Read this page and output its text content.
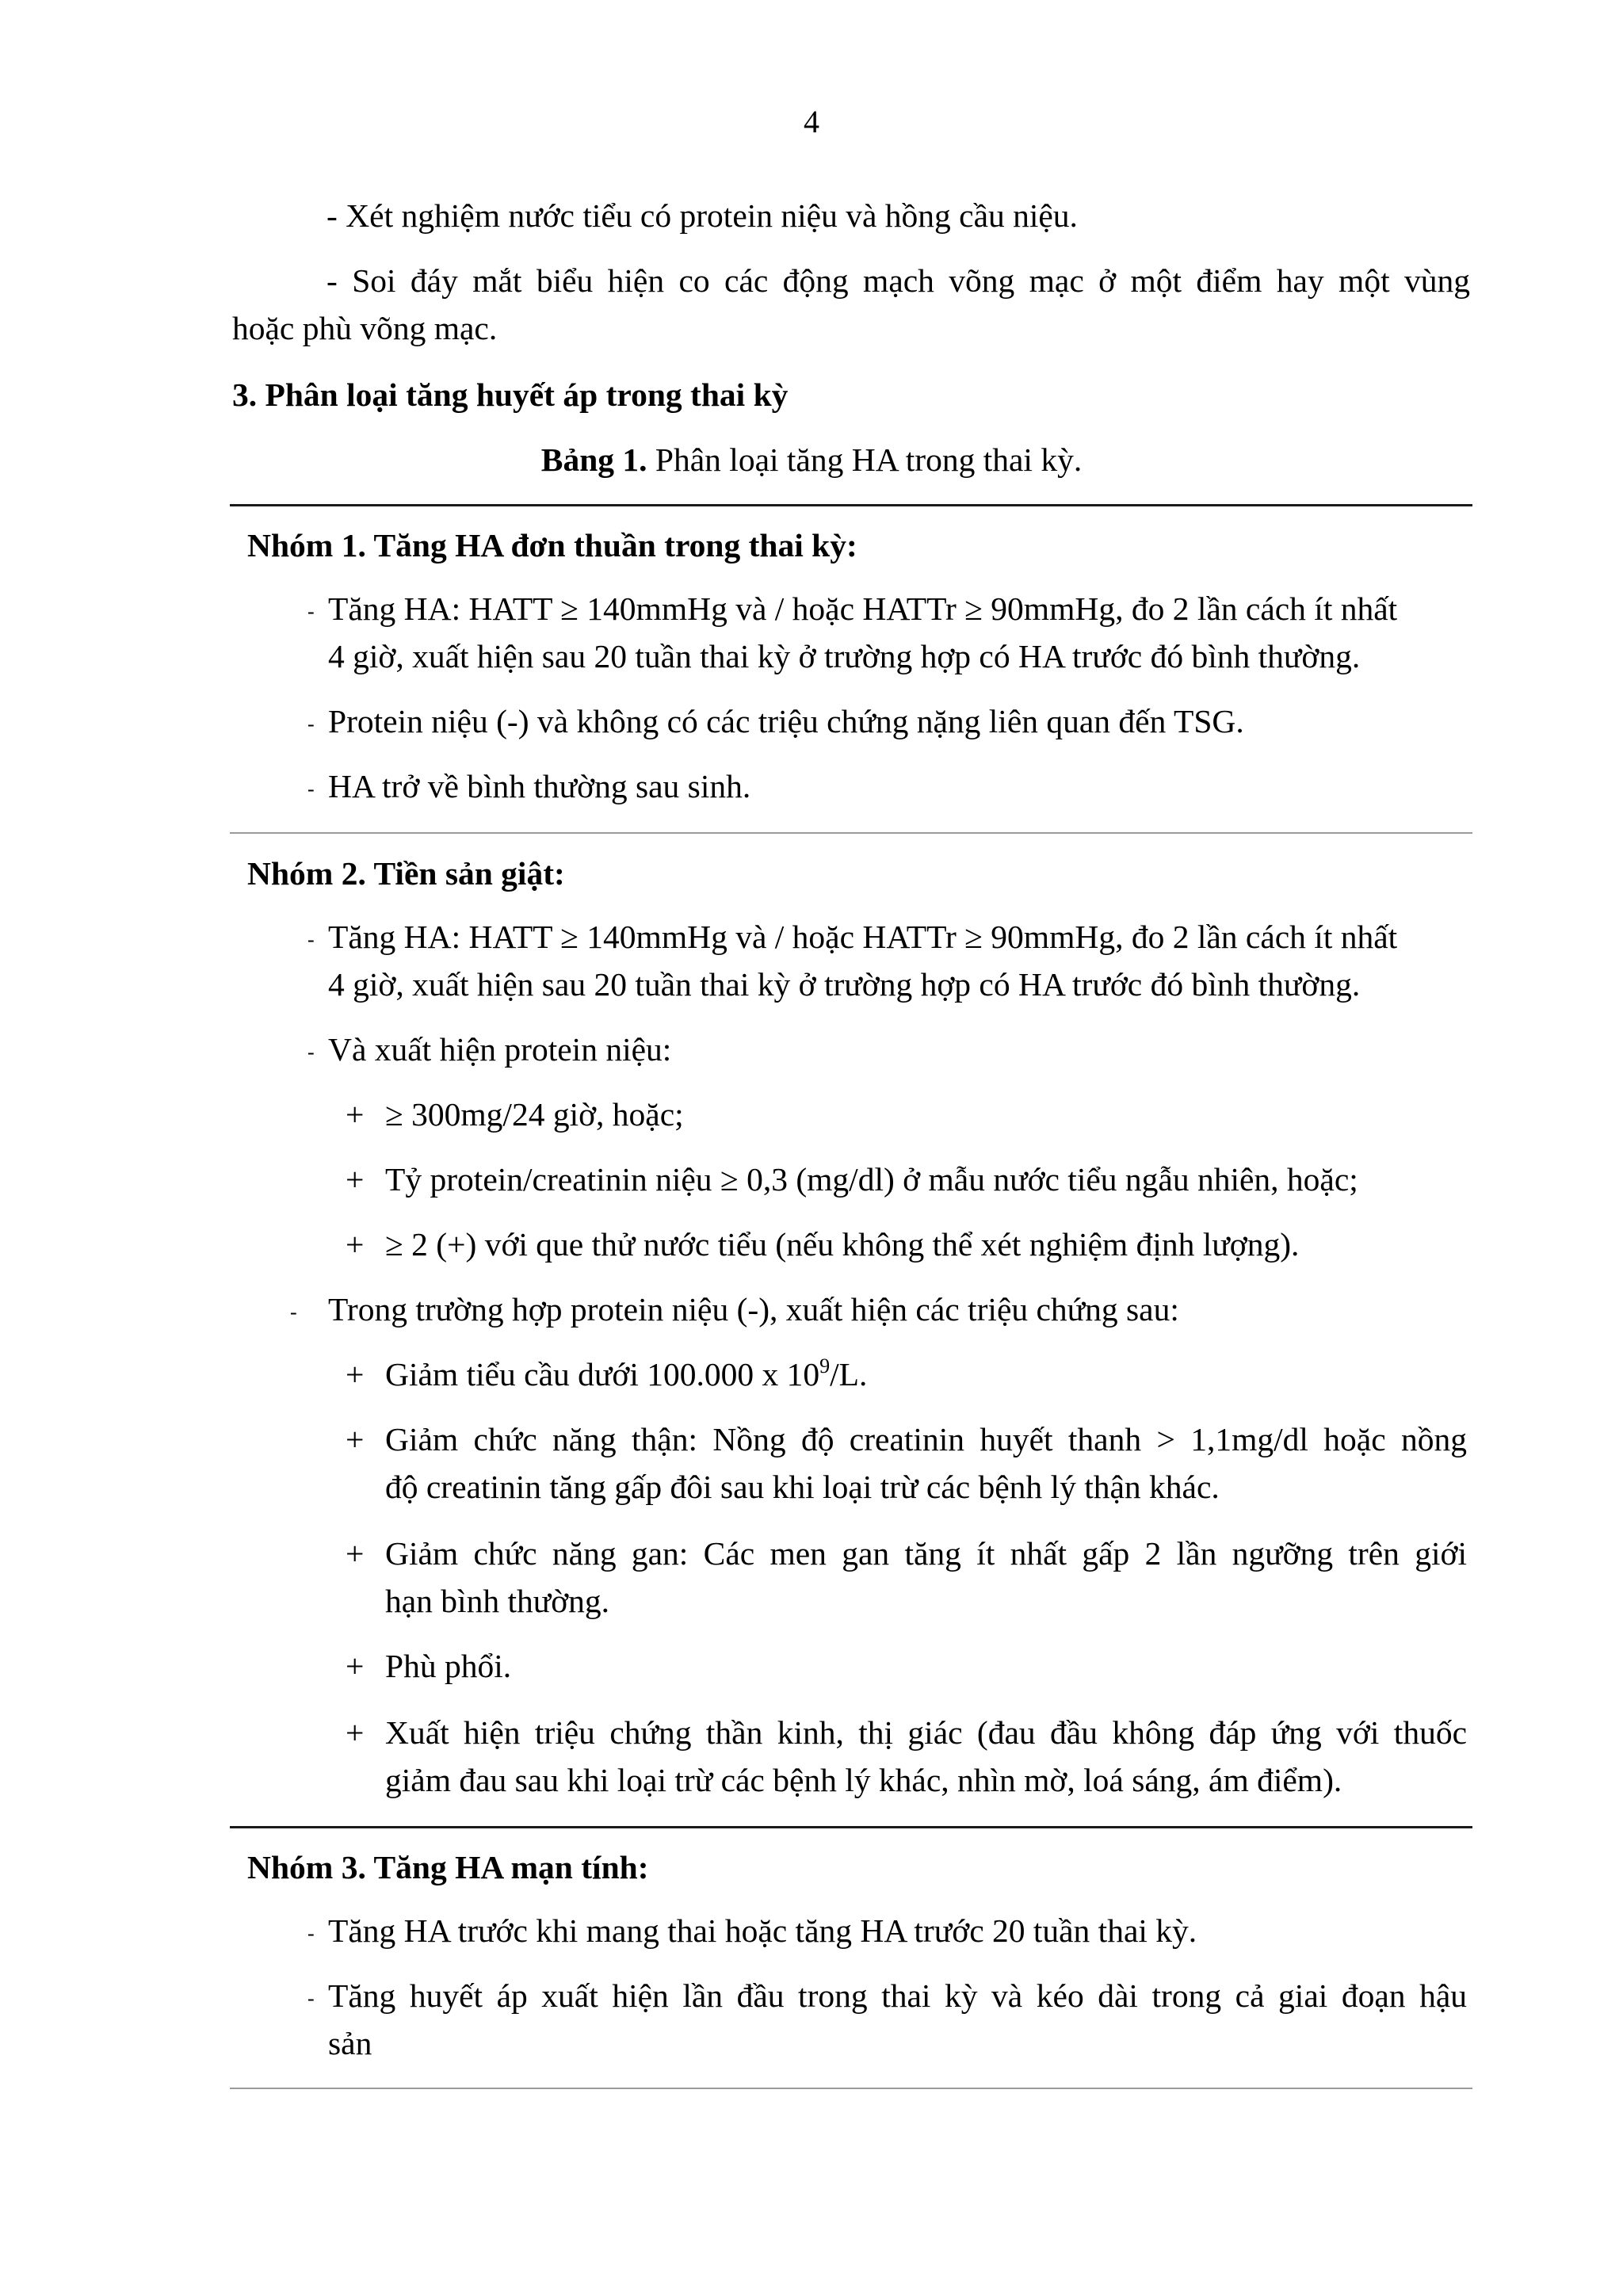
4
- Xét nghiệm nước tiểu có protein niệu và hồng cầu niệu.
- Soi đáy mắt biểu hiện co các động mạch võng mạc ở một điểm hay một vùng
hoặc phù võng mạc.
3. Phân loại tăng huyết áp trong thai kỳ
Bảng 1. Phân loại tăng HA trong thai kỳ.
Nhóm 1. Tăng HA đơn thuần trong thai kỳ:
- Tăng HA: HATT ≥ 140mmHg và / hoặc HATTr ≥ 90mmHg, đo 2 lần cách ít nhất
4 giờ, xuất hiện sau 20 tuần thai kỳ ở trường hợp có HA trước đó bình thường.
- Protein niệu (-) và không có các triệu chứng nặng liên quan đến TSG.
- HA trở về bình thường sau sinh.
Nhóm 2. Tiền sản giật:
- Tăng HA: HATT ≥ 140mmHg và / hoặc HATTr ≥ 90mmHg, đo 2 lần cách ít nhất
4 giờ, xuất hiện sau 20 tuần thai kỳ ở trường hợp có HA trước đó bình thường.
- Và xuất hiện protein niệu:
+ ≥ 300mg/24 giờ, hoặc;
+ Tỷ protein/creatinin niệu ≥ 0,3 (mg/dl) ở mẫu nước tiểu ngẫu nhiên, hoặc;
+ ≥ 2 (+) với que thử nước tiểu (nếu không thể xét nghiệm định lượng).
- Trong trường hợp protein niệu (-), xuất hiện các triệu chứng sau:
+ Giảm tiểu cầu dưới 100.000 x $10^9/L$.
+ Giảm chức năng thận: Nồng độ creatinin huyết thanh > 1,1mg/dl hoặc nồng
độ creatinin tăng gấp đôi sau khi loại trừ các bệnh lý thận khác.
+ Giảm chức năng gan: Các men gan tăng ít nhất gấp 2 lần ngưỡng trên giới
hạn bình thường.
+ Phù phổi.
+ Xuất hiện triệu chứng thần kinh, thị giác (đau đầu không đáp ứng với thuốc
giảm đau sau khi loại trừ các bệnh lý khác, nhìn mờ, loá sáng, ám điểm).
Nhóm 3. Tăng HA mạn tính:
- Tăng HA trước khi mang thai hoặc tăng HA trước 20 tuần thai kỳ.
- Tăng huyết áp xuất hiện lần đầu trong thai kỳ và kéo dài trong cả giai đoạn hậu
sản
